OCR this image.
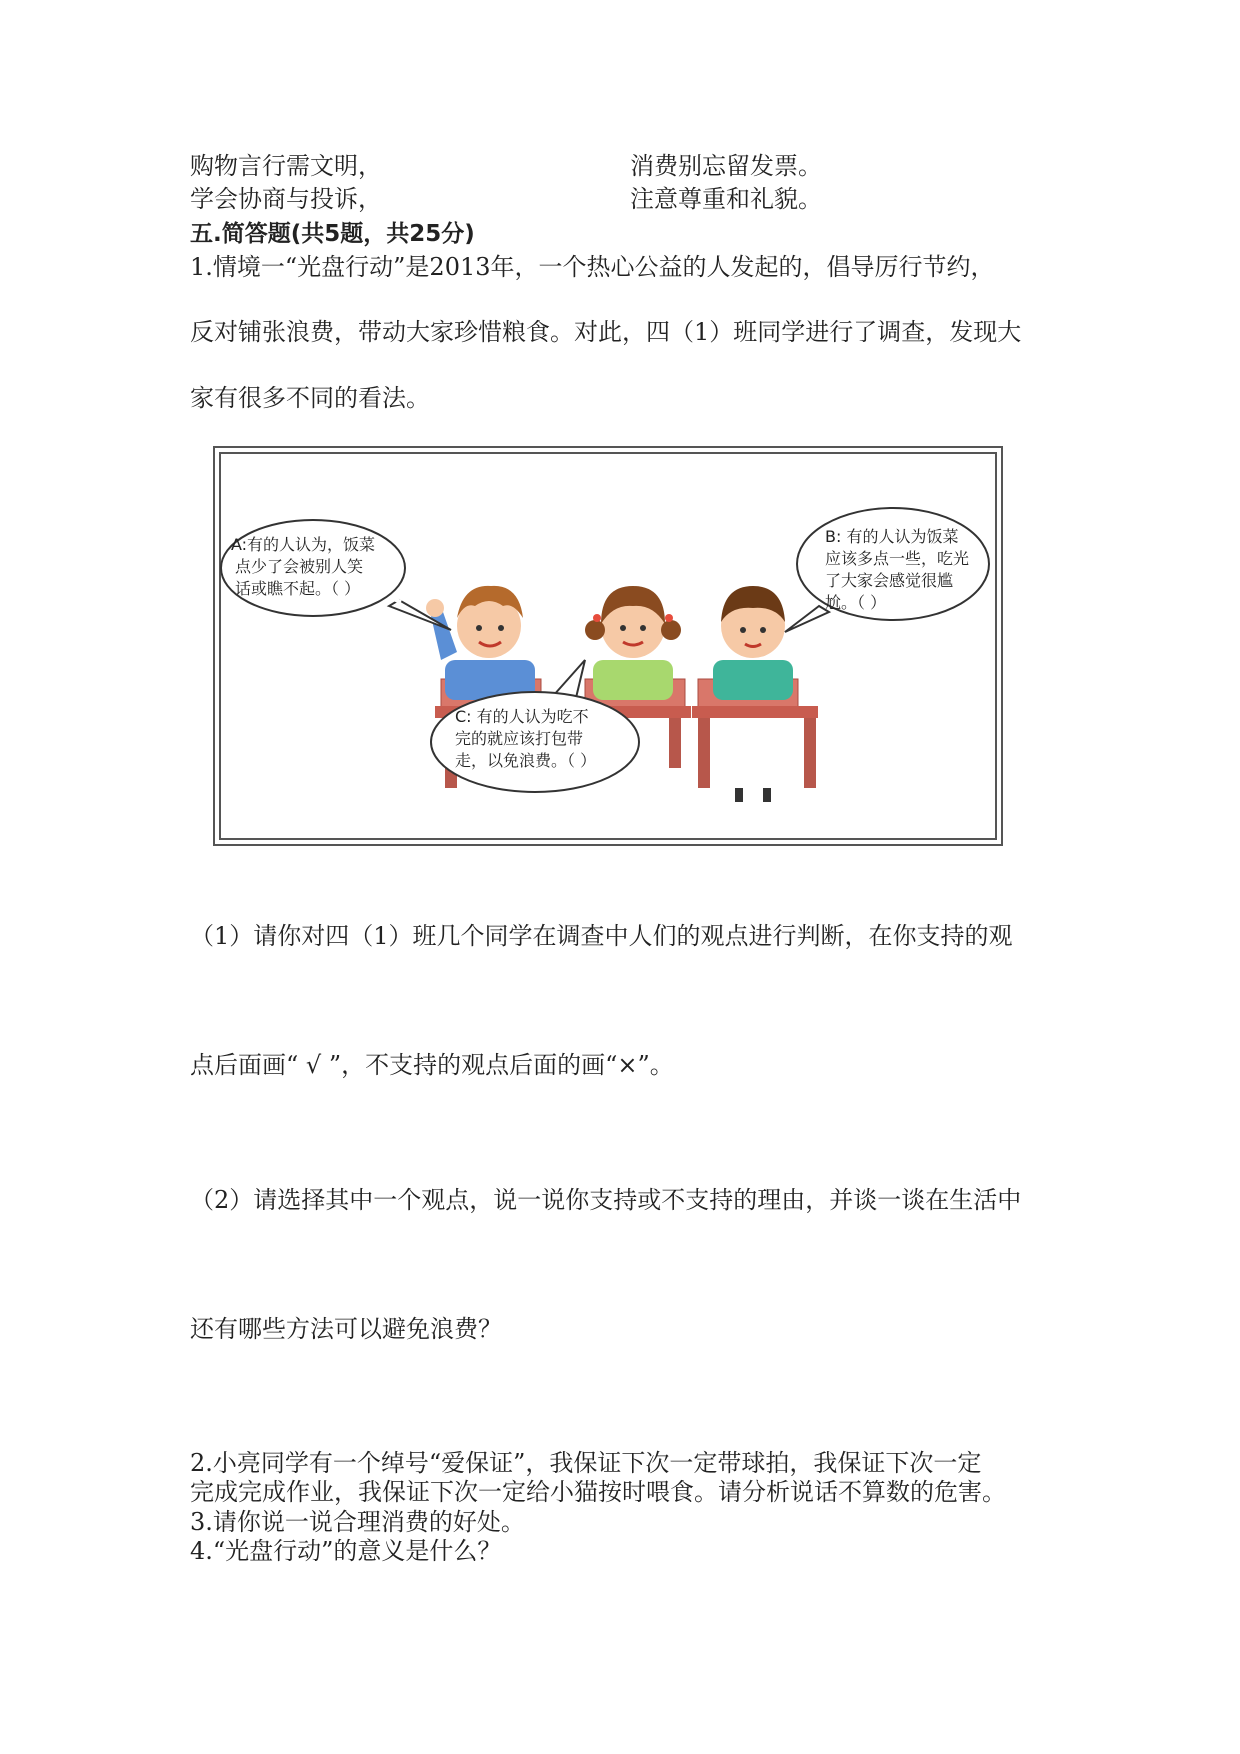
购物言行需文明，	消费别忘留发票。
学会协商与投诉，	注意尊重和礼貌。
五.简答题(共5题，共25分)
1.情境一“光盘行动”是2013年，一个热心公益的人发起的，倡导厉行节约，
反对铺张浪费，带动大家珍惜粮食。对此，四（1）班同学进行了调查，发现大
家有很多不同的看法。
A:有的人认为，饭菜
点少了会被别人笑
话或瞧不起。（ ）
B: 有的人认为饭菜
应该多点一些，吃光
了大家会感觉很尴
尬。（ ）
C: 有的人认为吃不
完的就应该打包带
走，以免浪费。（ ）
（1）请你对四（1）班几个同学在调查中人们的观点进行判断，在你支持的观
点后面画“ √ ”，不支持的观点后面的画“×”。
（2）请选择其中一个观点，说一说你支持或不支持的理由，并谈一谈在生活中
还有哪些方法可以避免浪费？
2.小亮同学有一个绰号“爱保证”，我保证下次一定带球拍，我保证下次一定
完成完成作业，我保证下次一定给小猫按时喂食。请分析说话不算数的危害。
3.请你说一说合理消费的好处。
4.“光盘行动”的意义是什么？
